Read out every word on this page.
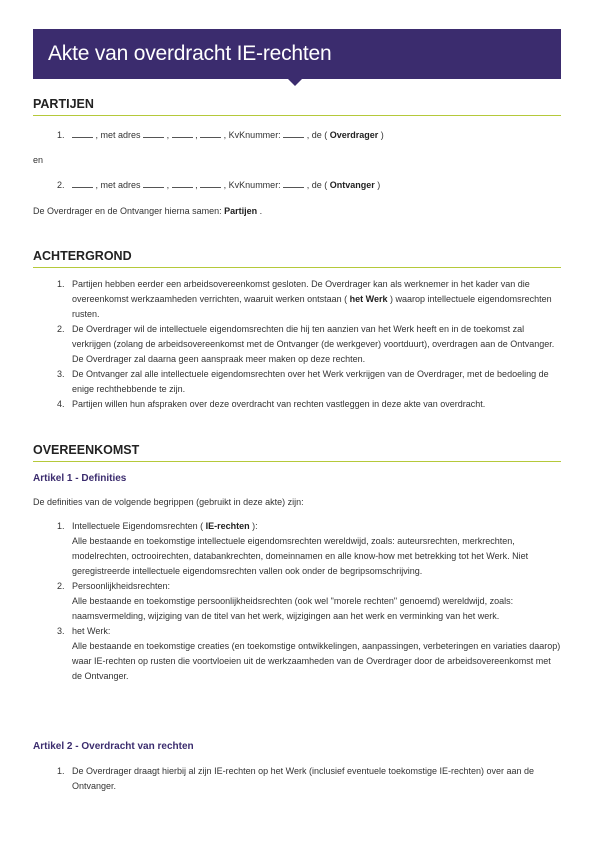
Akte van overdracht IE-rechten
PARTIJEN
1.	, met adres	,	,	, KvKnummer:	, de ( Overdrager )

en

2.	, met adres	,	,	, KvKnummer:	, de ( Ontvanger )

De Overdrager en de Ontvanger hierna samen: Partijen .

ACHTERGROND
1. Partijen hebben eerder een arbeidsovereenkomst gesloten. De Overdrager kan als werknemer in het kader van die overeenkomst werkzaamheden verrichten, waaruit werken ontstaan ( het Werk ) waarop intellectuele eigendomsrechten rusten.
2. De Overdrager wil de intellectuele eigendomsrechten die hij ten aanzien van het Werk heeft en in de toekomst zal verkrijgen (zolang de arbeidsovereenkomst met de Ontvanger (de werkgever) voortduurt), overdragen aan de Ontvanger. De Overdrager zal daarna geen aanspraak meer maken op deze rechten.
3. De Ontvanger zal alle intellectuele eigendomsrechten over het Werk verkrijgen van de Overdrager, met de bedoeling de enige rechthebbende te zijn.
4. Partijen willen hun afspraken over deze overdracht van rechten vastleggen in deze akte van overdracht.
OVEREENKOMST
Artikel 1 - Definities

De definities van de volgende begrippen (gebruikt in deze akte) zijn:

1. Intellectuele Eigendomsrechten ( IE-rechten ):
Alle bestaande en toekomstige intellectuele eigendomsrechten wereldwijd, zoals: auteursrechten, merkrechten, modelrechten, octrooirechten, databankrechten, domeinnamen en alle know-how met betrekking tot het Werk. Niet geregistreerde intellectuele eigendomsrechten vallen ook onder de begripsomschrijving.
2. Persoonlijkheidsrechten:
Alle bestaande en toekomstige persoonlijkheidsrechten (ook wel "morele rechten" genoemd) wereldwijd, zoals: naamsvermelding, wijziging van de titel van het werk, wijzigingen aan het werk en verminking van het werk.
3. het Werk:
Alle bestaande en toekomstige creaties (en toekomstige ontwikkelingen, aanpassingen, verbeteringen en variaties daarop) waar IE-rechten op rusten die voortvloeien uit de werkzaamheden van de Overdrager door de arbeidsovereenkomst met de Ontvanger.
Artikel 2 - Overdracht van rechten
1. De Overdrager draagt hierbij al zijn IE-rechten op het Werk (inclusief eventuele toekomstige IE-rechten) over aan de Ontvanger.
